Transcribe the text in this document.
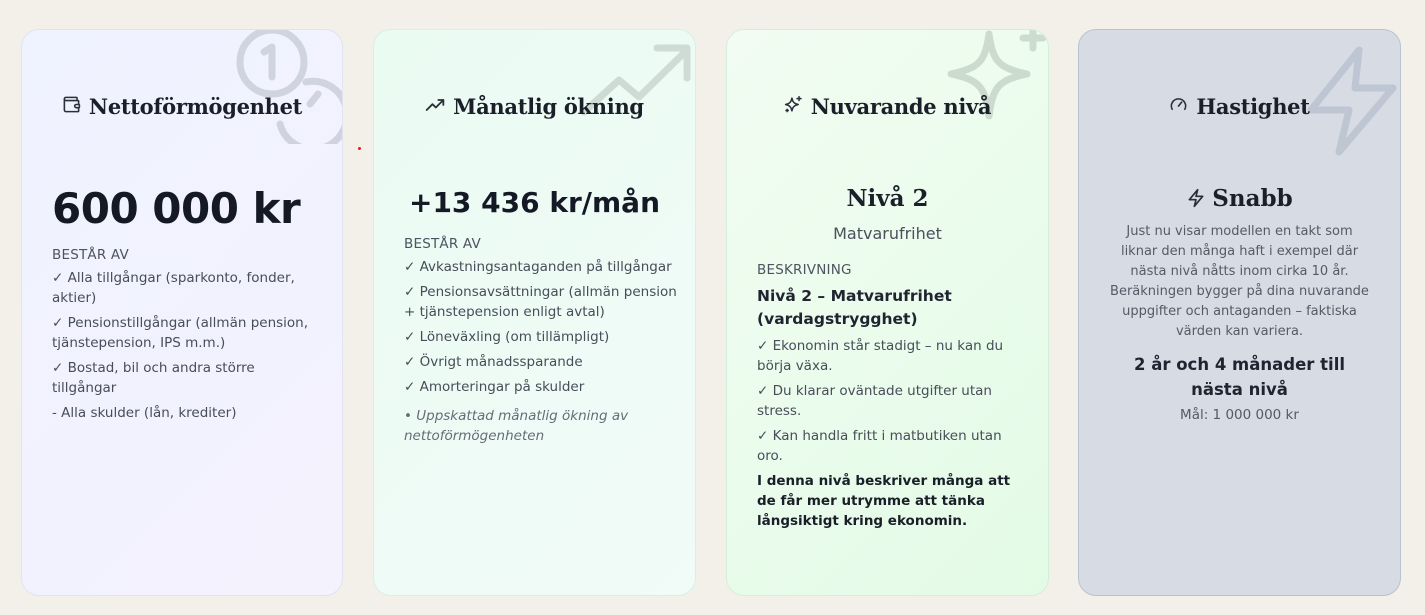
Nettoförmögenhet
600 000 kr
BESTÅR AV
✓ Alla tillgångar (sparkonto, fonder, aktier)
✓ Pensionstillgångar (allmän pension, tjänstepension, IPS m.m.)
✓ Bostad, bil och andra större tillgångar
- Alla skulder (lån, krediter)
Månatlig ökning
+13 436 kr/mån
BESTÅR AV
✓ Avkastningsantaganden på tillgångar
✓ Pensionsavsättningar (allmän pension + tjänstepension enligt avtal)
✓ Löneväxling (om tillämpligt)
✓ Övrigt månadssparande
✓ Amorteringar på skulder
• Uppskattad månatlig ökning av nettoförmögenheten
Nuvarande nivå
Nivå 2
Matvarufrihet
BESKRIVNING
Nivå 2 – Matvarufrihet (vardagstrygghet)
✓ Ekonomin står stadigt – nu kan du börja växa.
✓ Du klarar oväntade utgifter utan stress.
✓ Kan handla fritt i matbutiken utan oro.
I denna nivå beskriver många att de får mer utrymme att tänka långsiktigt kring ekonomin.
Hastighet
Snabb
Just nu visar modellen en takt som liknar den många haft i exempel där nästa nivå nåtts inom cirka 10 år. Beräkningen bygger på dina nuvarande uppgifter och antaganden – faktiska värden kan variera.
2 år och 4 månader till nästa nivå
Mål: 1 000 000 kr
